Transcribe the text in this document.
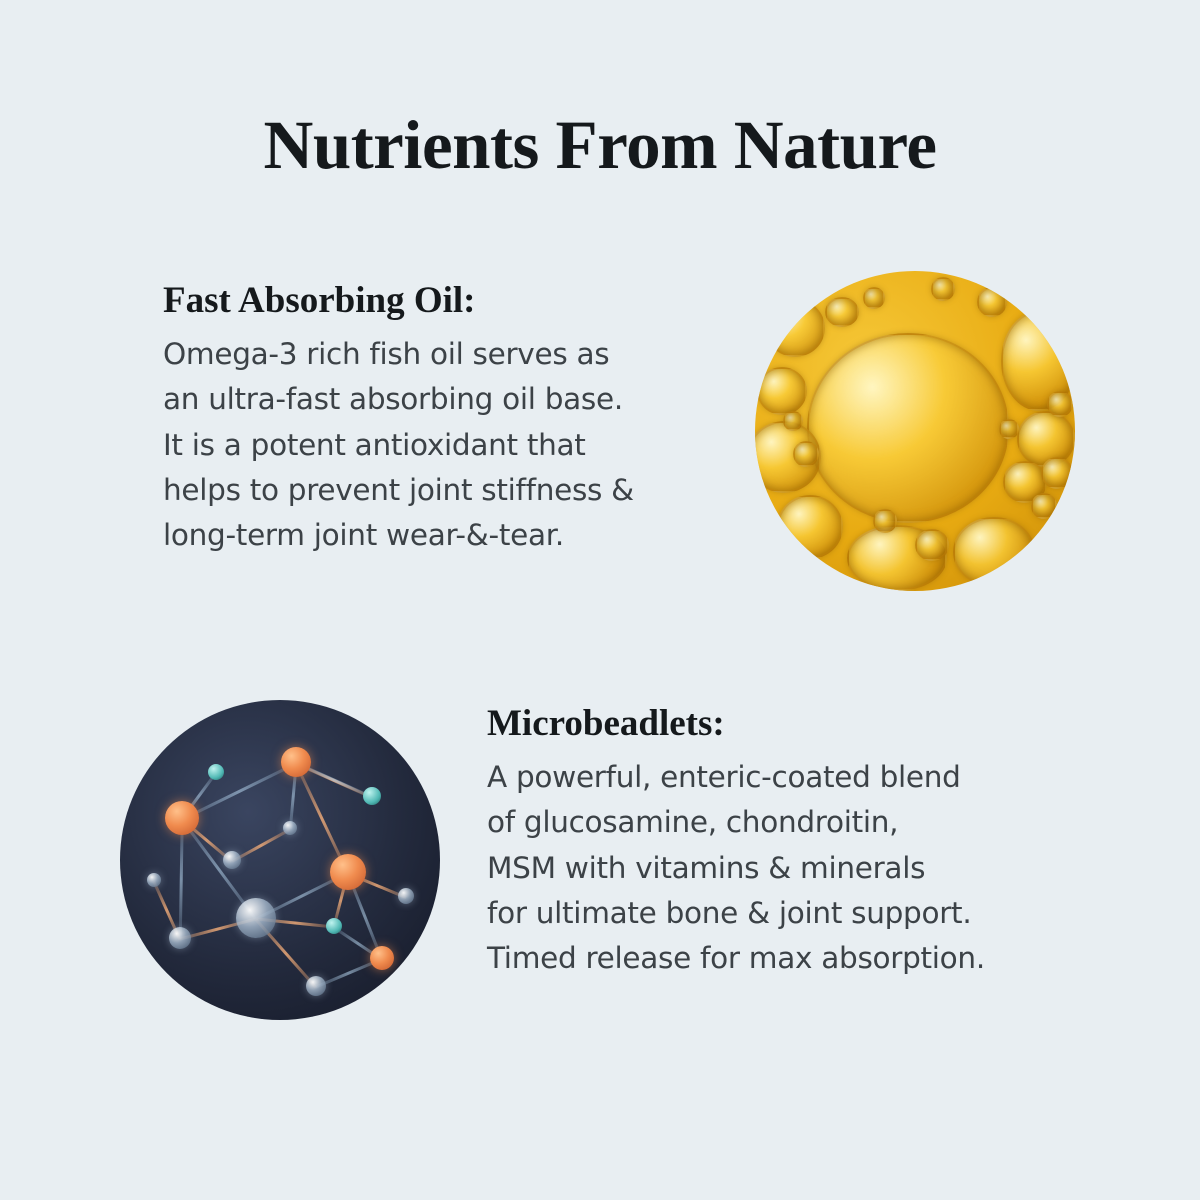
Nutrients From Nature
Fast Absorbing Oil:
Omega-3 rich fish oil serves as
an ultra-fast absorbing oil base.
It is a potent antioxidant that
helps to prevent joint stiffness &
long-term joint wear-&-tear.
Microbeadlets:
A powerful, enteric-coated blend
of glucosamine, chondroitin,
MSM with vitamins & minerals
for ultimate bone & joint support.
Timed release for max absorption.
